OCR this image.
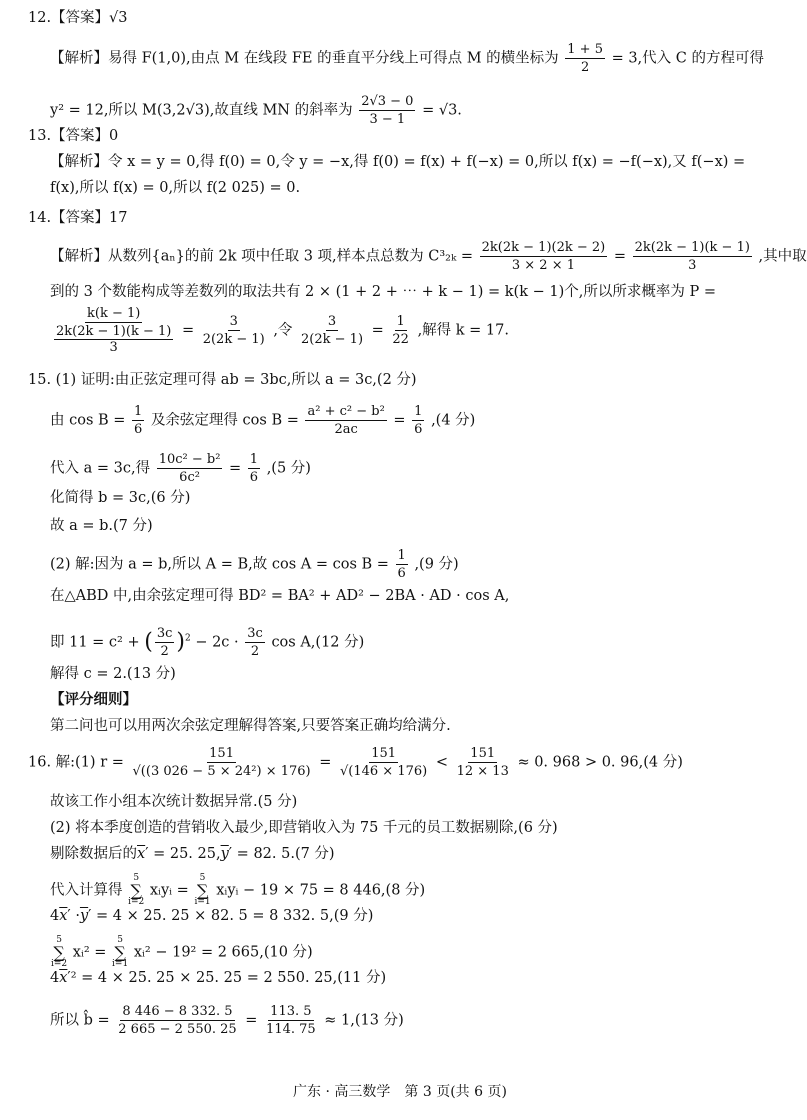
12.【答案】√3
【解析】易得 F(1,0),由点 M 在线段 FE 的垂直平分线上可得点 M 的横坐标为 $\frac{1 + 5}{2} = 3$,代入 C 的方程可得
y² = 12,所以 M(3,2√3),故直线 MN 的斜率为 $\frac{2√3 - 0}{3 - 1} = √3$.
13.【答案】0
【解析】令 x = y = 0,得 f(0) = 0,令 y = −x,得 f(0) = f(x) + f(−x) = 0,所以 f(x) = −f(−x),又 f(−x) =
f(x),所以 f(x) = 0,所以 f(2 025) = 0.
14.【答案】17
【解析】从数列{aₙ}的前 2k 项中任取 3 项,样本点总数为 $C^3_{2k} = \frac{2k(2k - 1)(2k - 2)}{3 \times 2 \times 1} = \frac{2k(2k - 1)(k - 1)}{3}$ ,其中取
到的 3 个数能构成等差数列的取法共有 2 × (1 + 2 + ⋯ + k − 1) = k(k − 1)个,所以所求概率为 P =
k(k − 1)
2k(2k − 1)(k − 1)
$3 = \frac{3}{2(2k - 1)}$ ,令 $\frac{3}{2(2k - 1)} = \frac{1}{22}$ ,解得 k = 17.
15. (1) 证明:由正弦定理可得 ab = 3bc,所以 a = 3c,(2 分)
由 $\cos B = \frac{1}{6}$ 及余弦定理得 $\cos B = \frac{\text{a² + c² − b²}}{2ac} = \frac{1}{6} ,(4$ 分)
代入 a = 3c,得 $\frac{\text{10c² − b²}}{\text{6c²}} = \frac{1}{6} ,(5$ 分)
化简得 b = 3c,(6 分)
故 a = b.(7 分)
(2) 解:因为 a = b,所以 A = B,故 $\cos A = \cos B = \frac{1}{6} ,(9$ 分)
在△ABD 中,由余弦定理可得 BD² = BA² + AD² − 2BA · AD · cos A,
即 11 = c² + ( $\frac{3c}{2} )^2 - 2c \cdot \frac{3c}{2}$ cos A,(12 分)
解得 c = 2.(13 分)
【评分细则】
第二问也可以用两次余弦定理解得答案,只要答案正确均给满分.
16. 解:(1) $r = \frac{151}{\text{√((3 026 − 5 × 24²) × 176)}} = \frac{151}{√(146 \times 176)} < \frac{151}{12 \times 13} \approx 0$. 968 > 0. 96,(4 分)
故该工作小组本次统计数据异常.(5 分)
(2) 将本季度创造的营销收入最少,即营销收入为 75 千元的员工数据剔除,(6 分)
剔除数据后的$\overline{x}' = 25$. $25,\overline{y}' = 82$. 5.(7 分)
代入计算得
5
∑
i=2
xᵢyᵢ =
5
∑
i=1
xᵢyᵢ − 19 × 75 = 8 446,(8 分)
$4\overline{x}' \cdot\overline{y}' = 4 \times 25$. 25 × 82. 5 = 8 332. 5,(9 分)
5
∑
i=2
xᵢ² =
5
∑
i=1
xᵢ² − 19² = 2 665,(10 分)
$4\overline{x}'^2 = 4 \times 25$. 25 × 25. 25 = 2 550. 25,(11 分)
所以 b̂ = $\frac{8 446 - 8 332. 5}{2 665 - 2 550. 25} = \frac{113. 5}{114. 75} \approx 1,(13$ 分)
广东 · 高三数学　第 3 页(共 6 页)
